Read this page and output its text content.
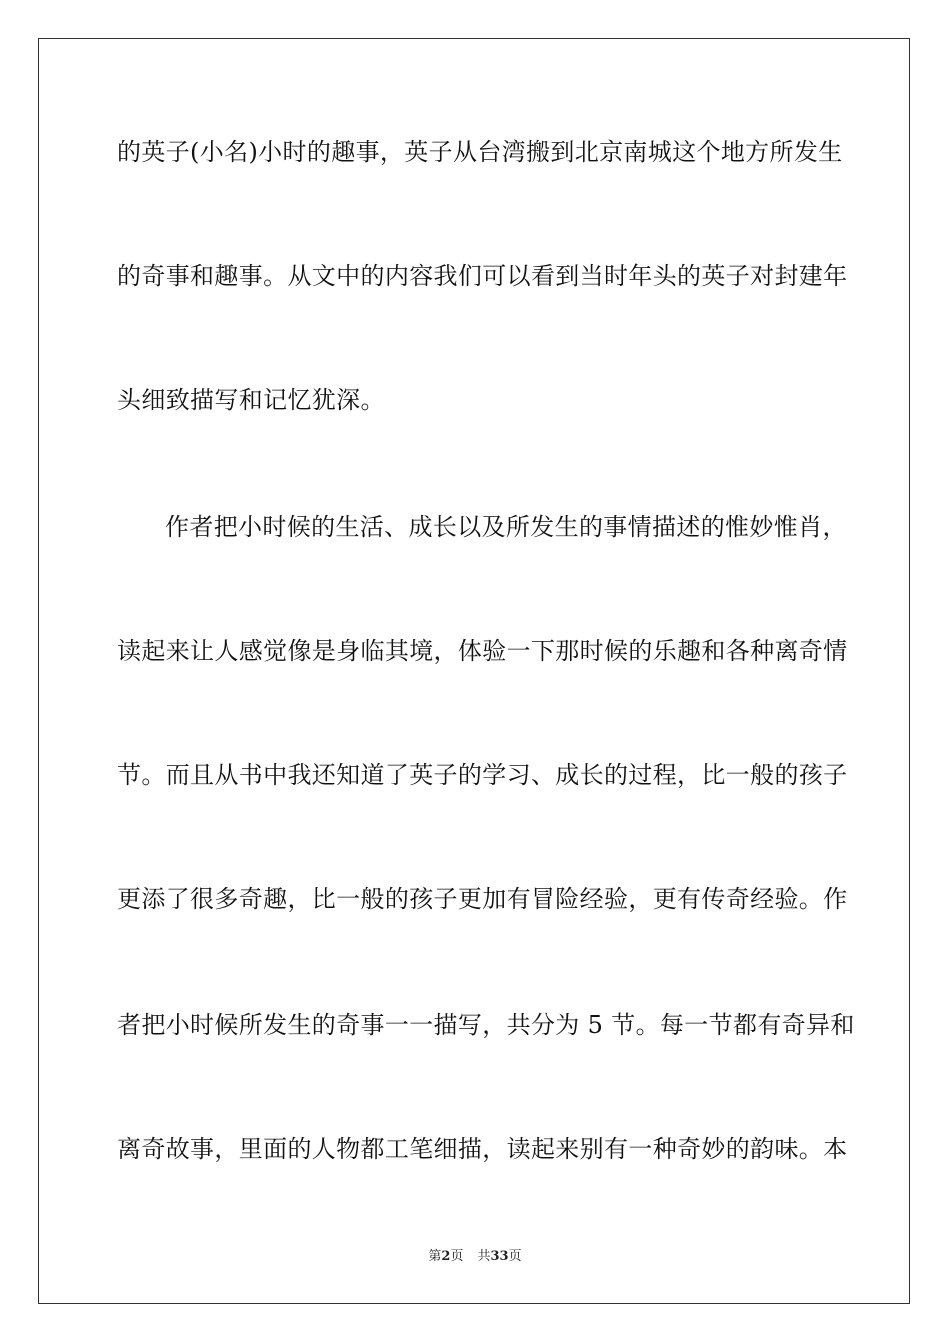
的英子(小名)小时的趣事，英子从台湾搬到北京南城这个地方所发生
的奇事和趣事。从文中的内容我们可以看到当时年头的英子对封建年
头细致描写和记忆犹深。
作者把小时候的生活、成长以及所发生的事情描述的惟妙惟肖，
读起来让人感觉像是身临其境，体验一下那时候的乐趣和各种离奇情
节。而且从书中我还知道了英子的学习、成长的过程，比一般的孩子
更添了很多奇趣，比一般的孩子更加有冒险经验，更有传奇经验。作
者把小时候所发生的奇事一一描写，共分为 5 节。每一节都有奇异和
离奇故事，里面的人物都工笔细描，读起来别有一种奇妙的韵味。本
第2页 共33页
